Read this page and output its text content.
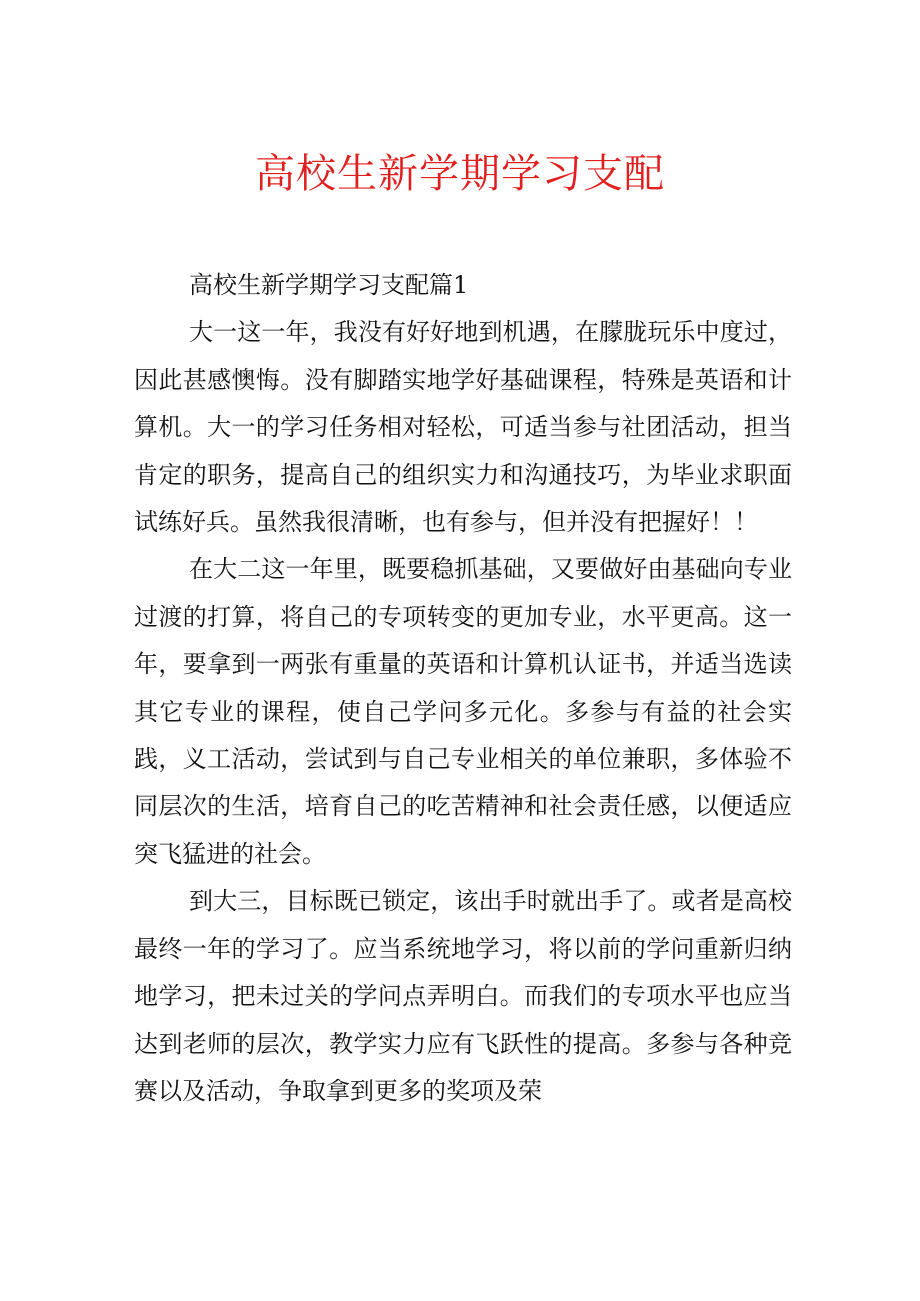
高校生新学期学习支配

高校生新学期学习支配篇1

大一这一年，我没有好好地到机遇，在朦胧玩乐中度过，因此甚感懊悔。没有脚踏实地学好基础课程，特殊是英语和计算机。大一的学习任务相对轻松，可适当参与社团活动，担当肯定的职务，提高自己的组织实力和沟通技巧，为毕业求职面试练好兵。虽然我很清晰，也有参与，但并没有把握好！！

在大二这一年里，既要稳抓基础，又要做好由基础向专业过渡的打算，将自己的专项转变的更加专业，水平更高。这一年，要拿到一两张有重量的英语和计算机认证书，并适当选读其它专业的课程，使自己学问多元化。多参与有益的社会实践，义工活动，尝试到与自己专业相关的单位兼职，多体验不同层次的生活，培育自己的吃苦精神和社会责任感，以便适应突飞猛进的社会。

到大三，目标既已锁定，该出手时就出手了。或者是高校最终一年的学习了。应当系统地学习，将以前的学问重新归纳地学习，把未过关的学问点弄明白。而我们的专项水平也应当达到老师的层次，教学实力应有飞跃性的提高。多参与各种竞赛以及活动，争取拿到更多的奖项及荣
